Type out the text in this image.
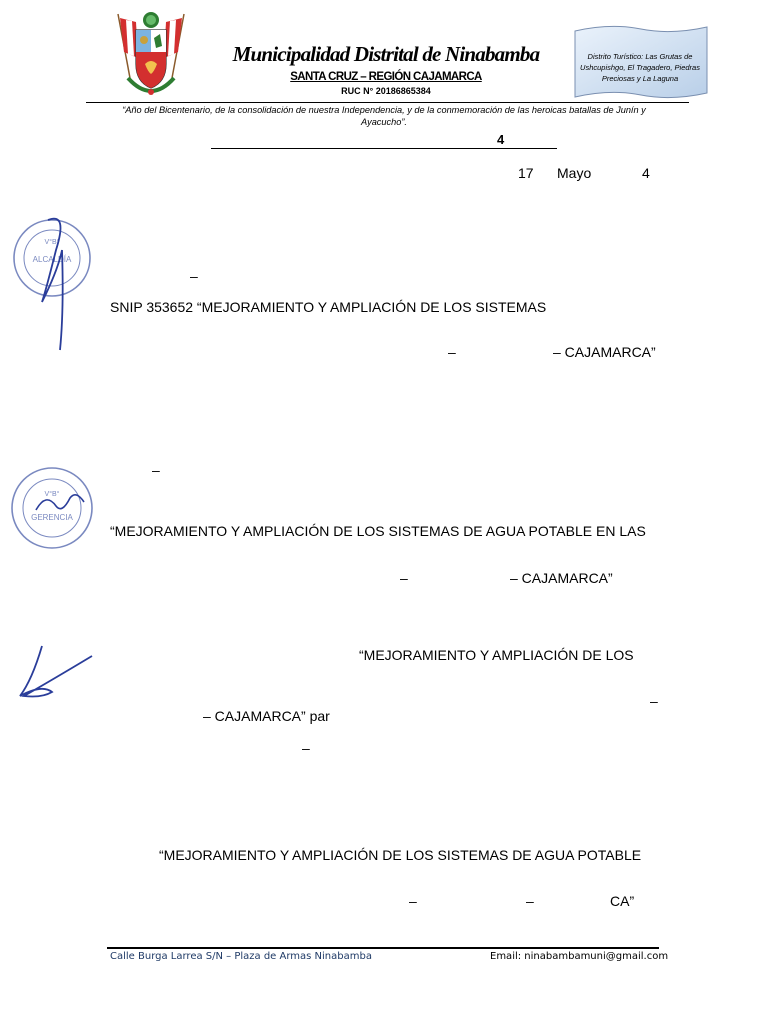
Municipalidad Distrital de Ninabamba
SANTA CRUZ – REGIÓN CAJAMARCA
RUC N° 20186865384
Distrito Turístico: Las Grutas de Ushcupishgo, El Tragadero, Piedras Preciosas y La Laguna
“Año del Bicentenario, de la consolidación de nuestra Independencia, y de la conmemoración de las heroicas batallas de Junín y Ayacucho”.
4
17 Mayo	4
ALCALDÍA
V°B°
GERENCIA
V°B°
–
SNIP 353652 “MEJORAMIENTO Y AMPLIACIÓN DE LOS SISTEMAS
–	– CAJAMARCA”
–
“MEJORAMIENTO Y AMPLIACIÓN DE LOS SISTEMAS DE AGUA POTABLE EN LAS
–	– CAJAMARCA”
“MEJORAMIENTO Y AMPLIACIÓN DE LOS
–
– CAJAMARCA” par
–
“MEJORAMIENTO Y AMPLIACIÓN DE LOS SISTEMAS DE AGUA POTABLE
–	–	CA”
Calle Burga Larrea S/N – Plaza de Armas Ninabamba	Email: ninabambamuni@gmail.com
